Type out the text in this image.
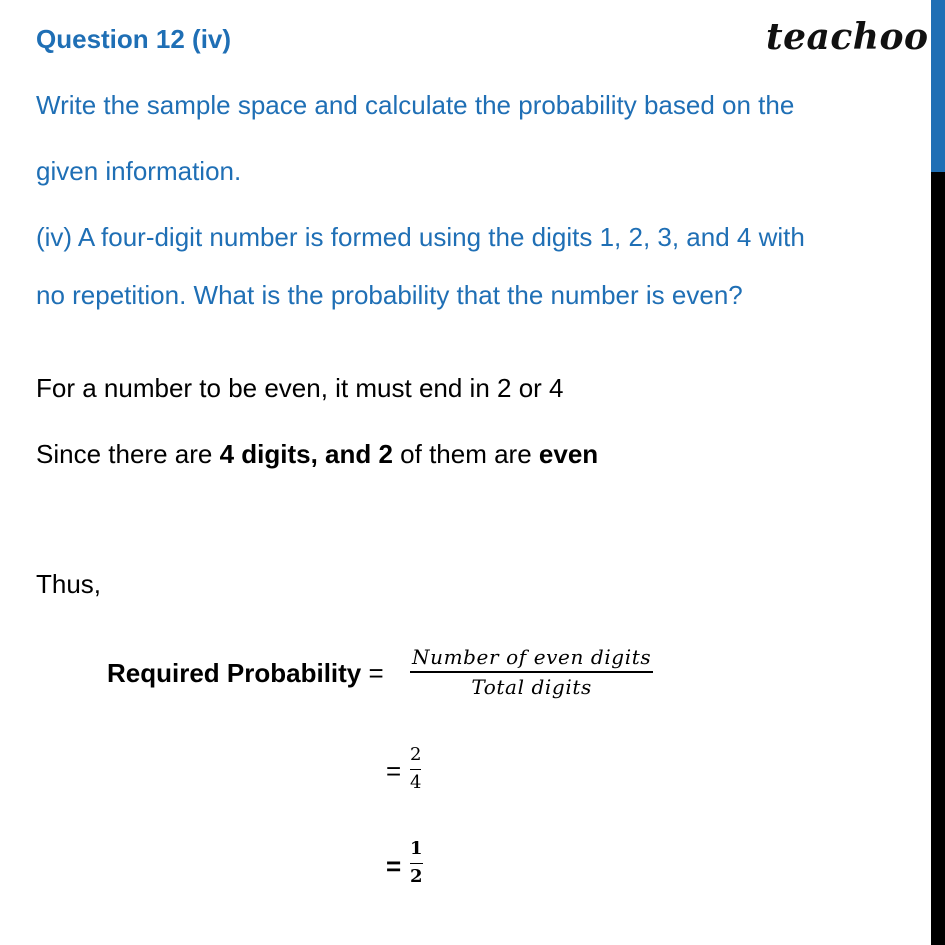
Question 12 (iv)	teachoo
Write the sample space and calculate the probability based on the
given information.
(iv) A four-digit number is formed using the digits 1, 2, 3, and 4 with
no repetition. What is the probability that the number is even?
For a number to be even, it must end in 2 or 4
Since there are 4 digits, and 2 of them are even
Thus,
Required Probability =
Number of even digits
Total digits
=
2
4
=
1
2
